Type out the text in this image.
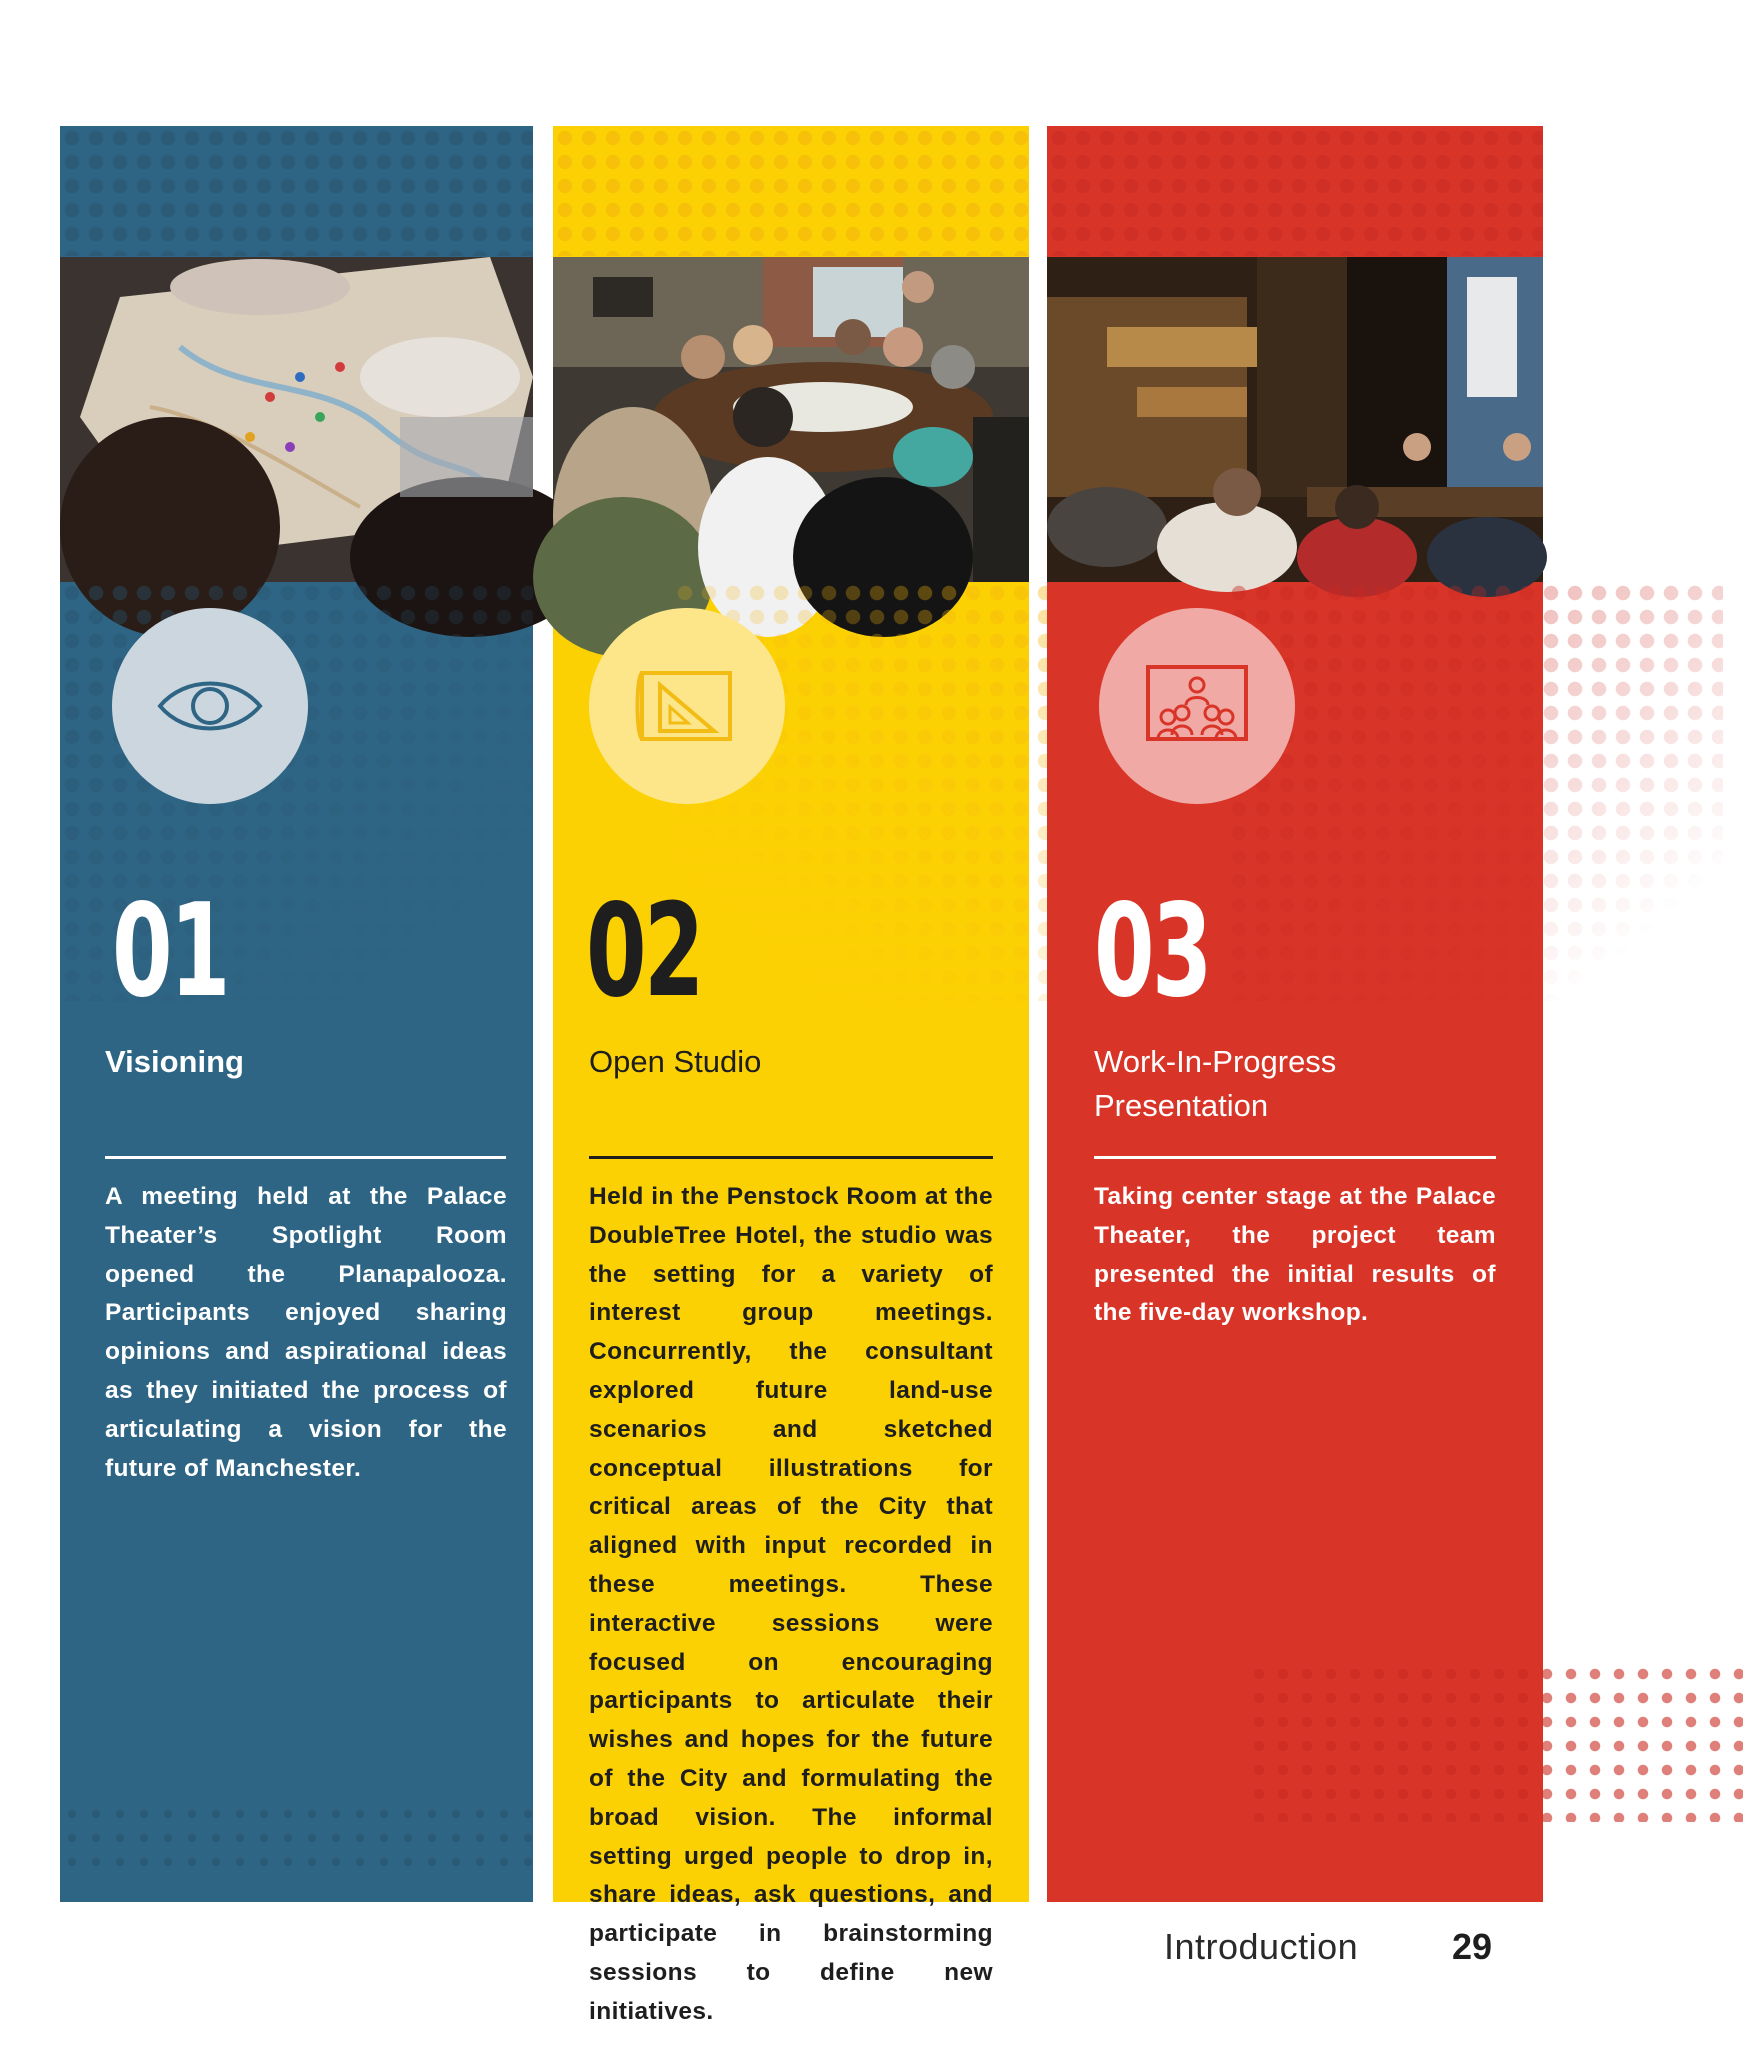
01
Visioning

A meeting held at the Palace Theater’s Spotlight Room opened the Planapalooza. Participants enjoyed sharing opinions and aspirational ideas as they initiated the process of articulating a vision for the future of Manchester.

02
Open Studio

Held in the Penstock Room at the DoubleTree Hotel, the studio was the setting for a variety of interest group meetings. Concurrently, the consultant explored future land-use scenarios and sketched conceptual illustrations for critical areas of the City that aligned with input recorded in these meetings. These interactive sessions were focused on encouraging participants to articulate their wishes and hopes for the future of the City and formulating the broad vision. The informal setting urged people to drop in, share ideas, ask questions, and participate in brainstorming sessions to define new initiatives.

03
Work-In-Progress Presentation

Taking center stage at the Palace Theater, the project team presented the initial results of the five-day workshop.

Introduction	29
